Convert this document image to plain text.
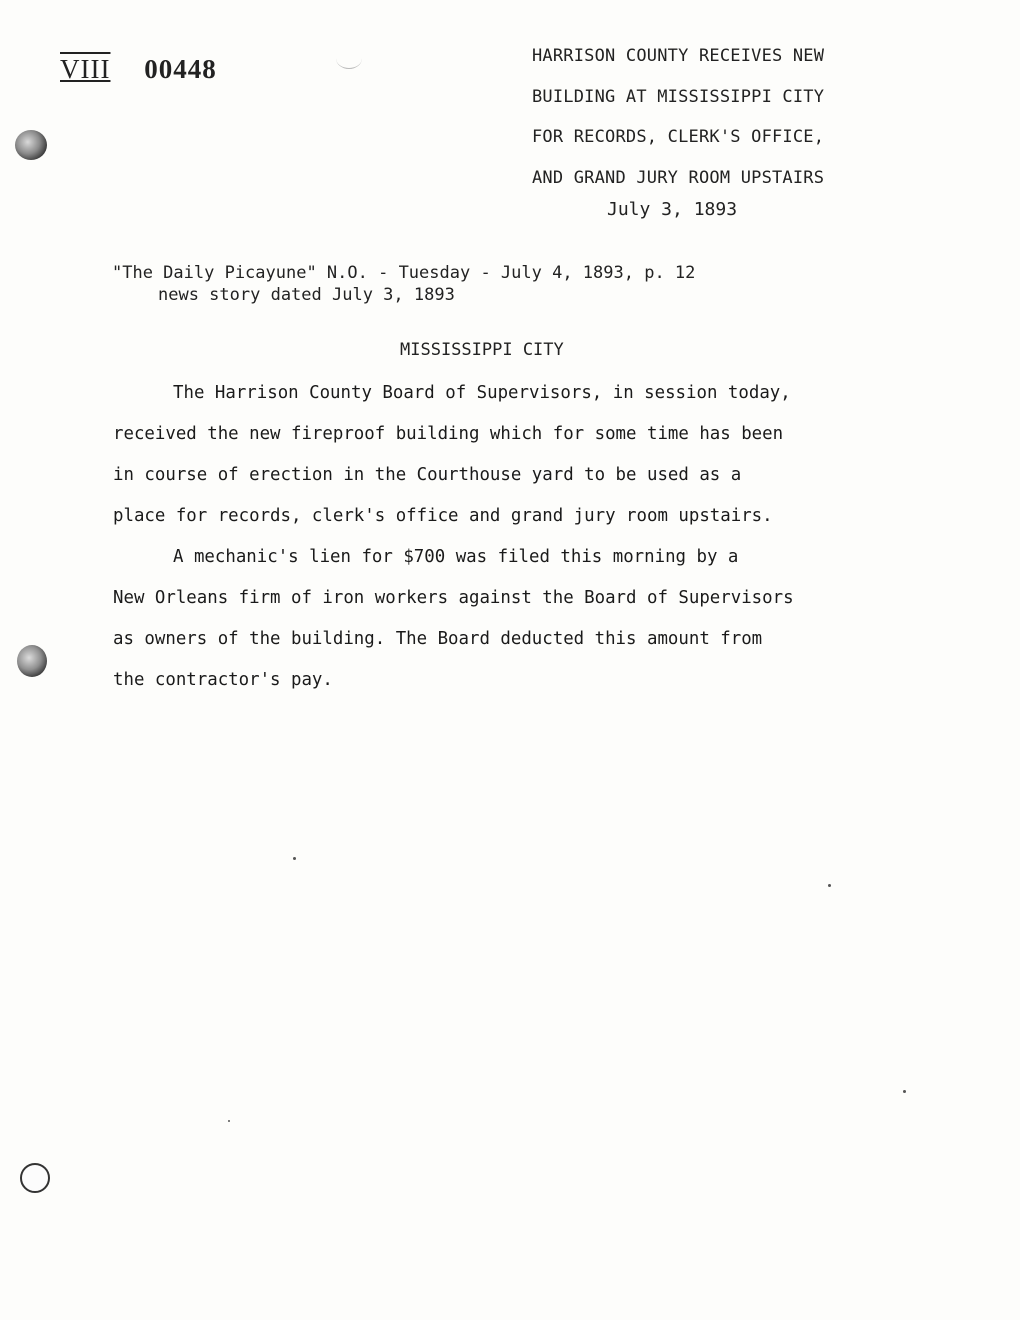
VIII 00448	HARRISON COUNTY RECEIVES NEW
BUILDING AT MISSISSIPPI CITY
FOR RECORDS, CLERK'S OFFICE,
AND GRAND JURY ROOM UPSTAIRS
July 3, 1893
"The Daily Picayune" N.O. - Tuesday - July 4, 1893, p. 12
news story dated July 3, 1893
MISSISSIPPI CITY

The Harrison County Board of Supervisors, in session today,
received the new fireproof building which for some time has been
in course of erection in the Courthouse yard to be used as a
place for records, clerk's office and grand jury room upstairs.

A mechanic's lien for $700 was filed this morning by a
New Orleans firm of iron workers against the Board of Supervisors
as owners of the building. The Board deducted this amount from
the contractor's pay.
